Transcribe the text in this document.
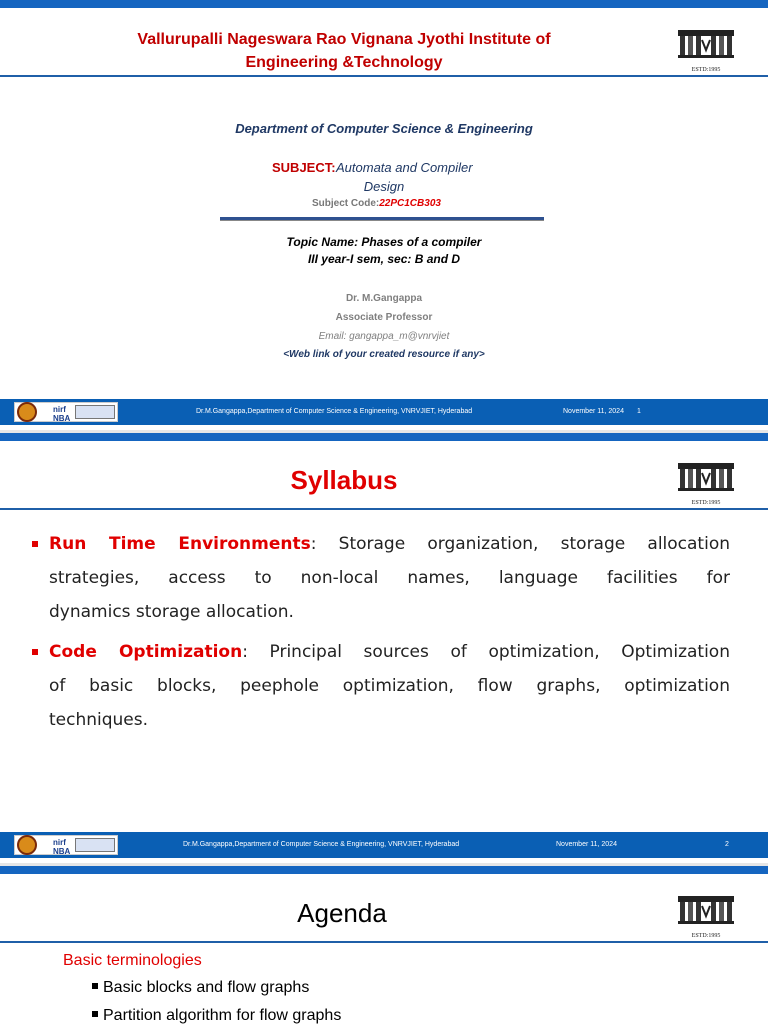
Vallurupalli Nageswara Rao Vignana Jyothi Institute of
Engineering &Technology	ESTD:1995
Department of Computer Science & Engineering
SUBJECT: Automata and Compiler
Design
Subject Code:22PC1CB303
Topic Name: Phases of a compiler
III year-I sem, sec: B and D
Dr. M.Gangappa
Associate Professor
Email: gangappa_m@vnrvjiet
<Web link of your created resource if any>
nirf
NBA
Dr.M.Gangappa,Department of Computer Science & Engineering, VNRVJIET, Hyderabad	November 11, 2024 1
Syllabus
ESTD:1995
Run Time Environments: Storage organization, storage allocation
strategies, access to non-local names, language facilities for
dynamics storage allocation.
Code Optimization: Principal sources of optimization, Optimization
of basic blocks, peephole optimization, flow graphs, optimization
techniques.
nirf
NBA
Dr.M.Gangappa,Department of Computer Science & Engineering, VNRVJIET, Hyderabad	November 11, 2024	2
Agenda
ESTD:1995
Basic terminologies
Basic blocks and flow graphs
Partition algorithm for flow graphs
